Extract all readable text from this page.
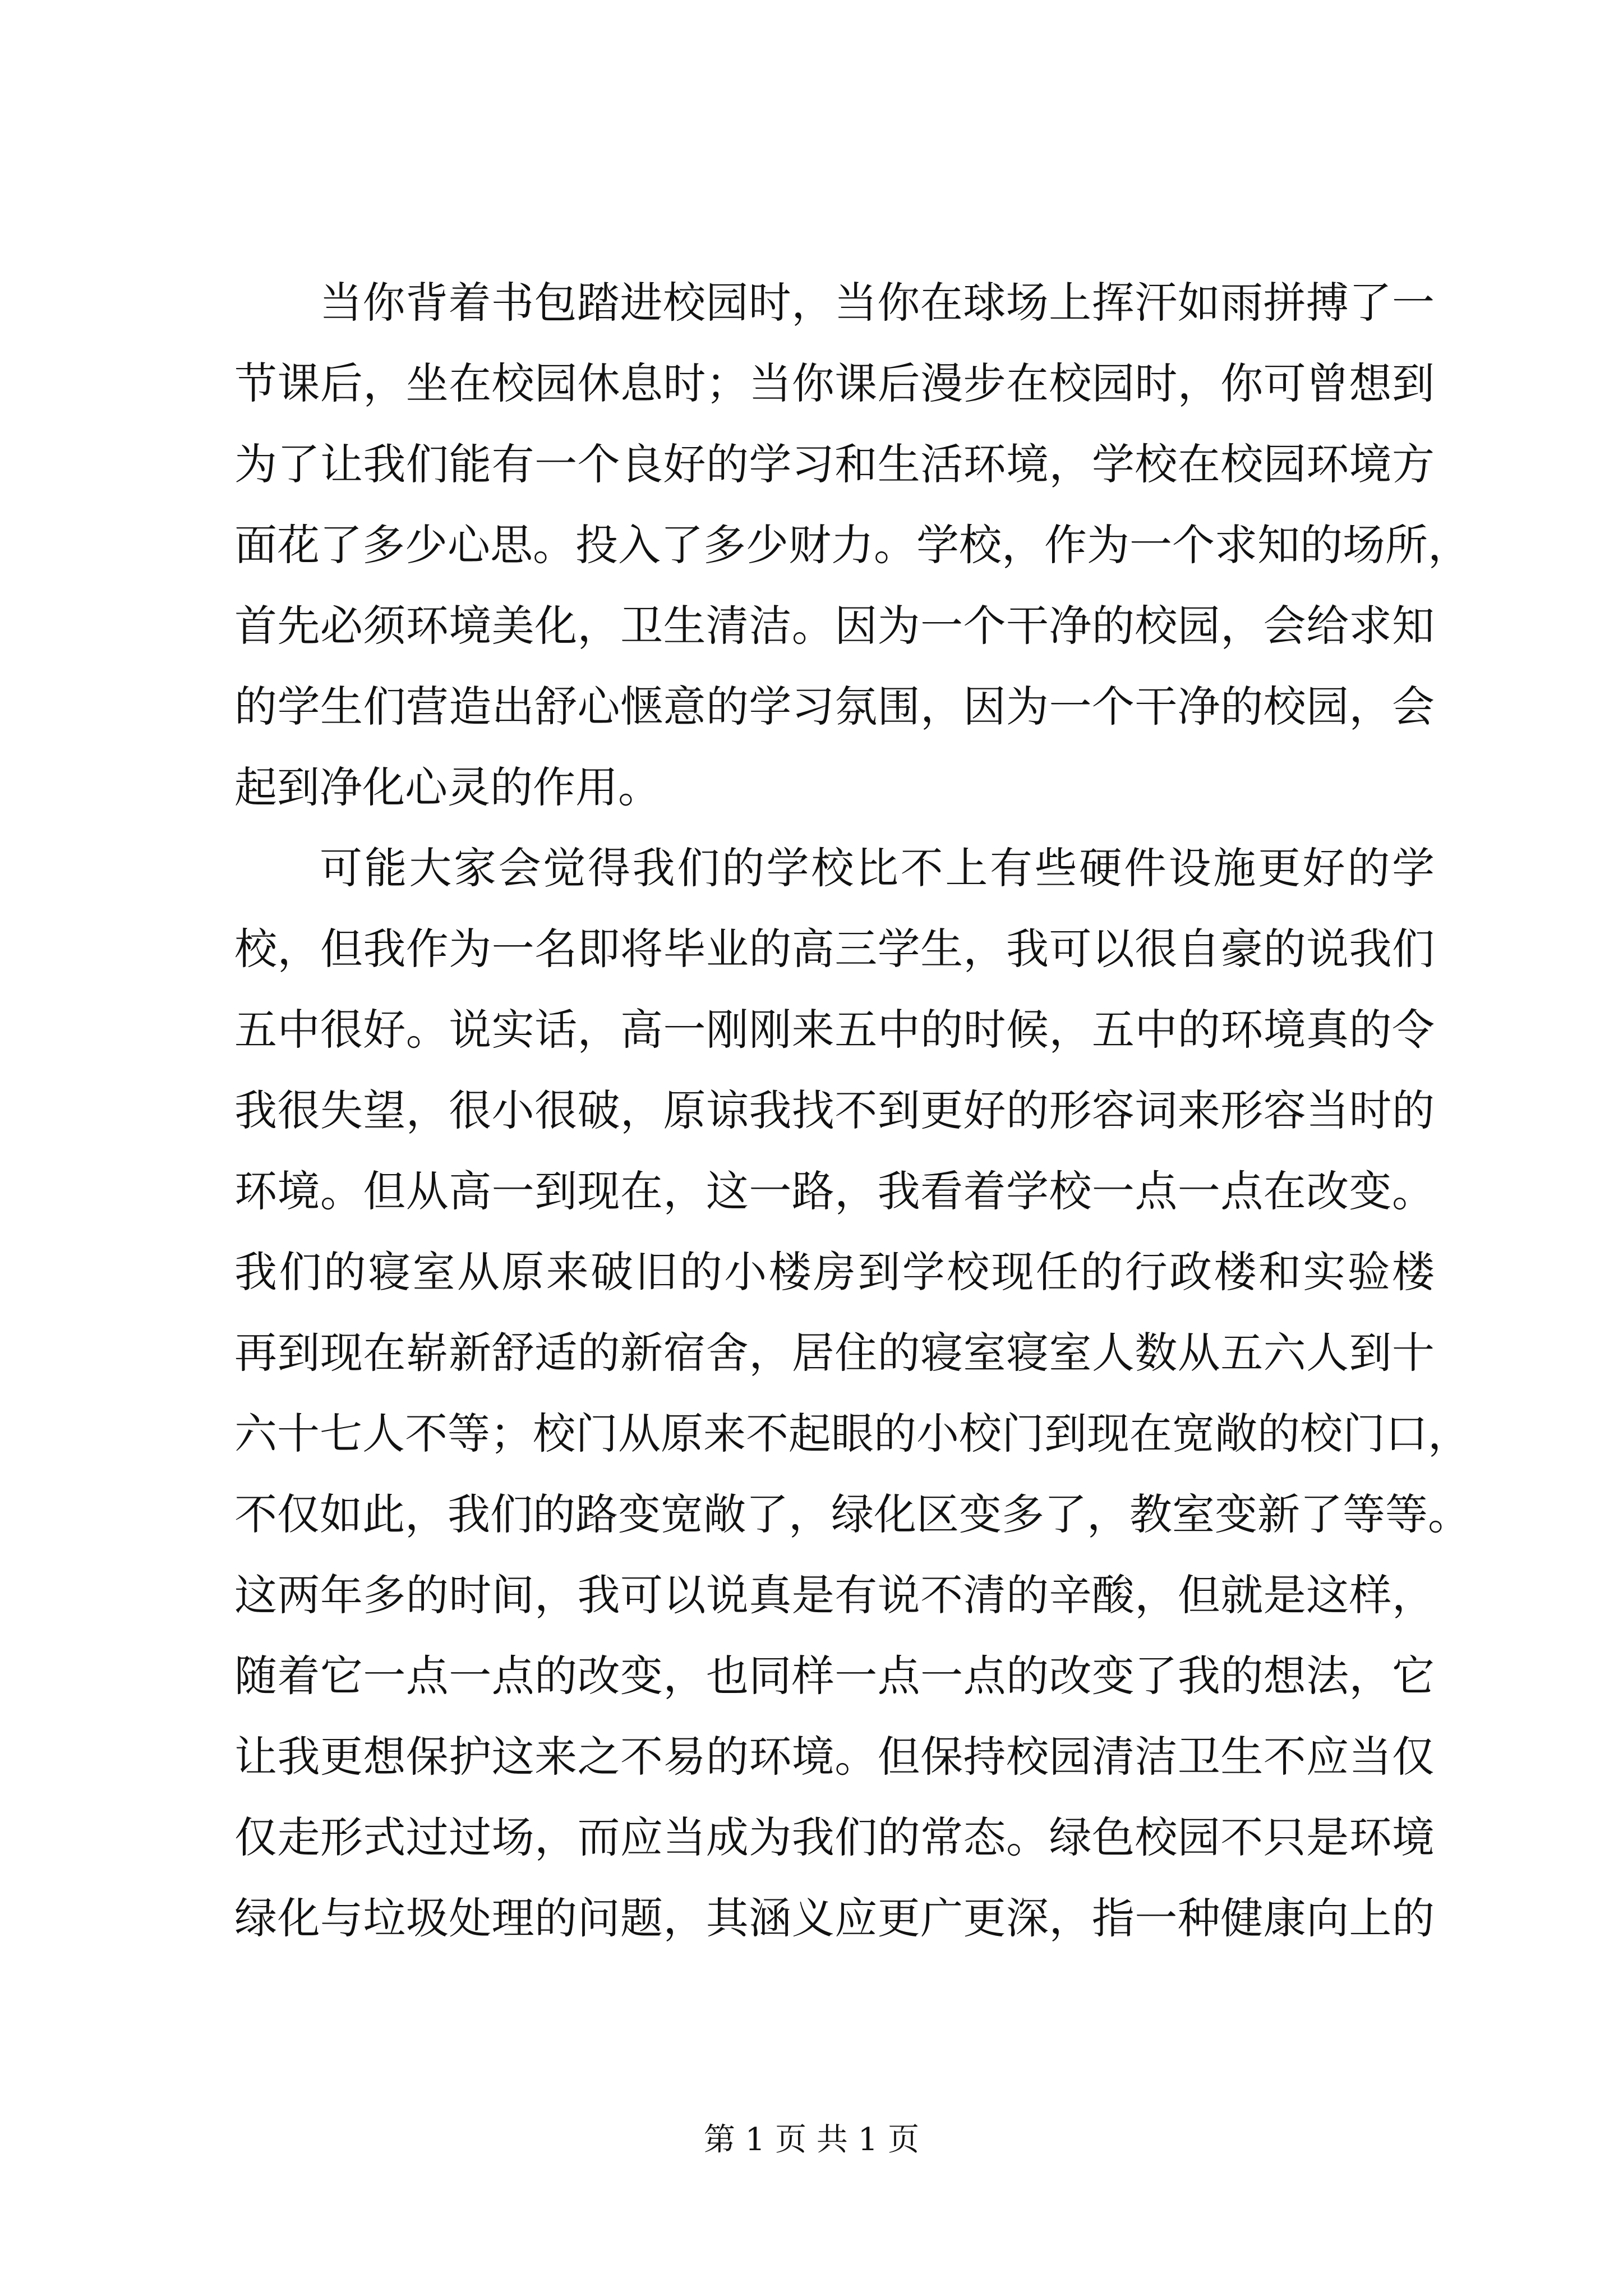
当你背着书包踏进校园时，当你在球场上挥汗如雨拼搏了一
节课后，坐在校园休息时；当你课后漫步在校园时，你可曾想到
为了让我们能有一个良好的学习和生活环境，学校在校园环境方
面花了多少心思。投入了多少财力。学校，作为一个求知的场所，
首先必须环境美化，卫生清洁。因为一个干净的校园，会给求知
的学生们营造出舒心惬意的学习氛围，因为一个干净的校园，会
起到净化心灵的作用。
可能大家会觉得我们的学校比不上有些硬件设施更好的学
校，但我作为一名即将毕业的高三学生，我可以很自豪的说我们
五中很好。说实话，高一刚刚来五中的时候，五中的环境真的令
我很失望，很小很破，原谅我找不到更好的形容词来形容当时的
环境。但从高一到现在，这一路，我看着学校一点一点在改变。
我们的寝室从原来破旧的小楼房到学校现任的行政楼和实验楼
再到现在崭新舒适的新宿舍，居住的寝室寝室人数从五六人到十
六十七人不等；校门从原来不起眼的小校门到现在宽敞的校门口，
不仅如此，我们的路变宽敞了，绿化区变多了，教室变新了等等。
这两年多的时间，我可以说真是有说不清的辛酸，但就是这样，
随着它一点一点的改变，也同样一点一点的改变了我的想法，它
让我更想保护这来之不易的环境。但保持校园清洁卫生不应当仅
仅走形式过过场，而应当成为我们的常态。绿色校园不只是环境
绿化与垃圾处理的问题，其涵义应更广更深，指一种健康向上的
第 1 页 共 1 页
